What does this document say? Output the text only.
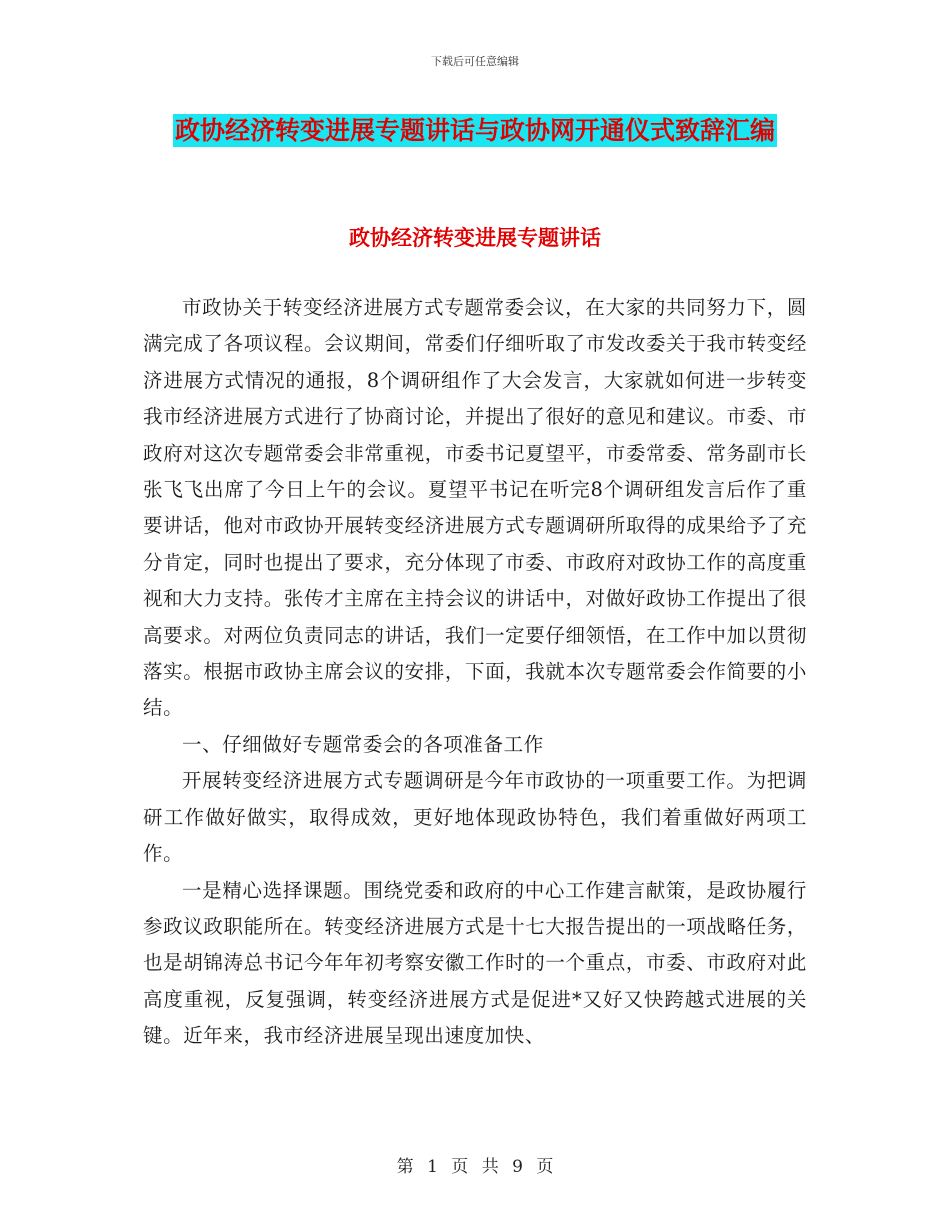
下载后可任意编辑
政协经济转变进展专题讲话与政协网开通仪式致辞汇编
政协经济转变进展专题讲话

市政协关于转变经济进展方式专题常委会议，在大家的共同努力下，圆满完成了各项议程。会议期间，常委们仔细听取了市发改委关于我市转变经济进展方式情况的通报，8个调研组作了大会发言，大家就如何进一步转变我市经济进展方式进行了协商讨论，并提出了很好的意见和建议。市委、市政府对这次专题常委会非常重视，市委书记夏望平，市委常委、常务副市长张飞飞出席了今日上午的会议。夏望平书记在听完8个调研组发言后作了重要讲话，他对市政协开展转变经济进展方式专题调研所取得的成果给予了充分肯定，同时也提出了要求，充分体现了市委、市政府对政协工作的高度重视和大力支持。张传才主席在主持会议的讲话中，对做好政协工作提出了很高要求。对两位负责同志的讲话，我们一定要仔细领悟，在工作中加以贯彻落实。根据市政协主席会议的安排，下面，我就本次专题常委会作简要的小结。

一、仔细做好专题常委会的各项准备工作

开展转变经济进展方式专题调研是今年市政协的一项重要工作。为把调研工作做好做实，取得成效，更好地体现政协特色，我们着重做好两项工作。

一是精心选择课题。围绕党委和政府的中心工作建言献策，是政协履行参政议政职能所在。转变经济进展方式是十七大报告提出的一项战略任务，也是胡锦涛总书记今年年初考察安徽工作时的一个重点，市委、市政府对此高度重视，反复强调，转变经济进展方式是促进*又好又快跨越式进展的关键。近年来，我市经济进展呈现出速度加快、

第 1 页 共 9 页
